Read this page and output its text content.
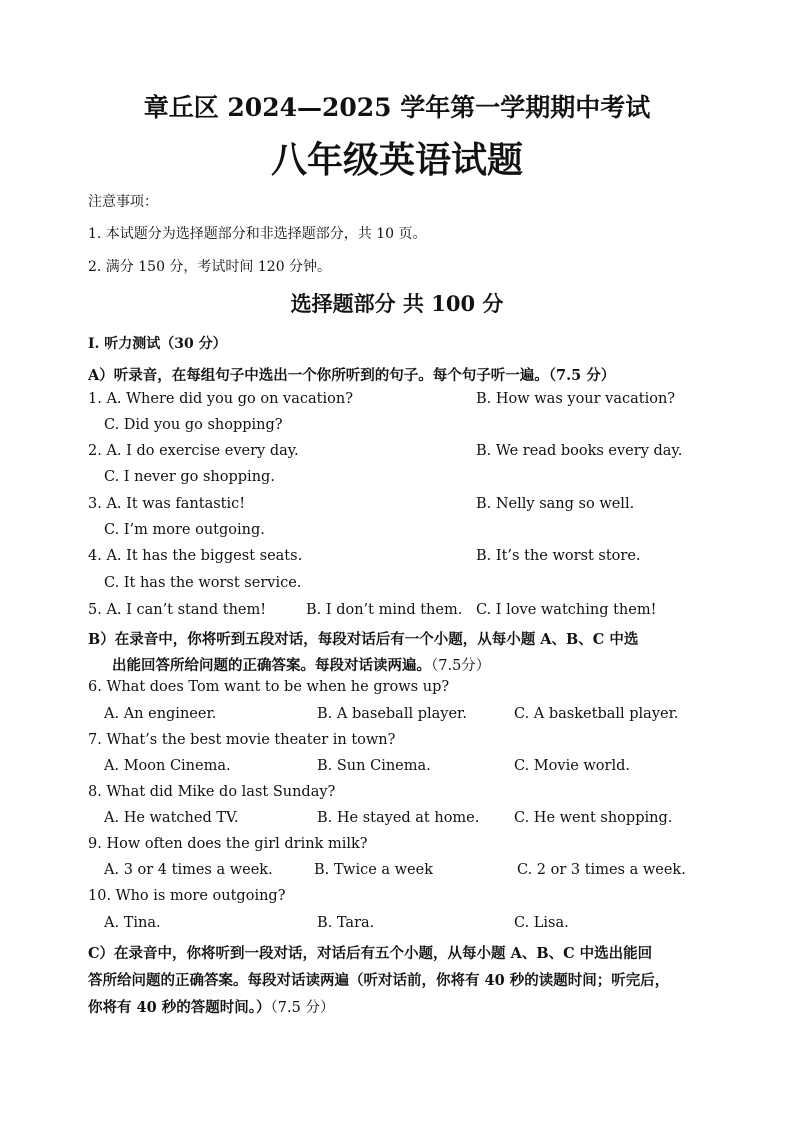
章丘区 2024—2025 学年第一学期期中考试
八年级英语试题
注意事项：
1. 本试题分为选择题部分和非选择题部分，共 10 页。
2. 满分 150 分，考试时间 120 分钟。
选择题部分 共 100 分
I. 听力测试（30 分）
A）听录音，在每组句子中选出一个你所听到的句子。每个句子听一遍。（7.5 分）
1. A. Where did you go on vacation?	B. How was your vacation?
C. Did you go shopping?
2. A. I do exercise every day.	B. We read books every day.
C. I never go shopping.
3. A. It was fantastic!	B. Nelly sang so well.
C. I’m more outgoing.
4. A. It has the biggest seats.	B. It’s the worst store.
C. It has the worst service.
5. A. I can’t stand them!	B. I don’t mind them. C. I love watching them!
B）在录音中，你将听到五段对话，每段对话后有一个小题，从每小题 A、B、C 中选
出能回答所给问题的正确答案。每段对话读两遍。（7.5分）
6. What does Tom want to be when he grows up?
A. An engineer.	B. A baseball player.	C. A basketball player.
7. What’s the best movie theater in town?
A. Moon Cinema.	B. Sun Cinema.	C. Movie world.
8. What did Mike do last Sunday?
A. He watched TV.	B. He stayed at home. C. He went shopping.
9. How often does the girl drink milk?
A. 3 or 4 times a week.	B. Twice a week	C. 2 or 3 times a week.
10. Who is more outgoing?
A. Tina.	B. Tara.	C. Lisa.
C）在录音中，你将听到一段对话，对话后有五个小题，从每小题 A、B、C 中选出能回
答所给问题的正确答案。每段对话读两遍（听对话前，你将有 40 秒的读题时间；听完后，
你将有 40 秒的答题时间。）（7.5 分）
